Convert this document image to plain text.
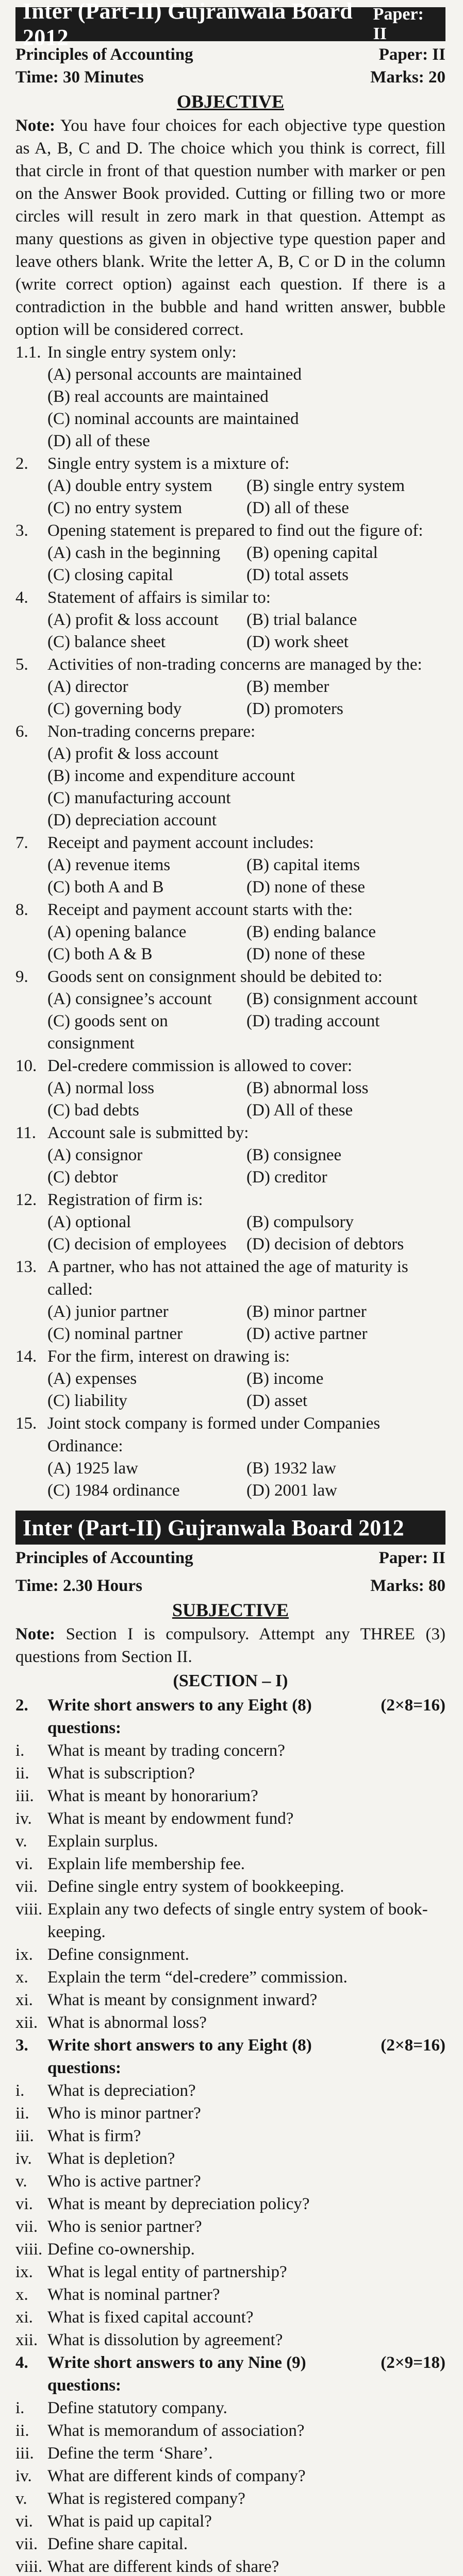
Inter (Part-II) Gujranwala Board 2012
Paper: II
Principles of Accounting	Paper: II
Time: 30 Minutes	Marks: 20
OBJECTIVE
Note: You have four choices for each objective type question as A, B, C and D. The choice which you think is correct, fill that circle in front of that question number with marker or pen on the Answer Book provided. Cutting or filling two or more circles will result in zero mark in that question. Attempt as many questions as given in objective type question paper and leave others blank. Write the letter A, B, C or D in the column (write correct option) against each question. If there is a contradiction in the bubble and hand written answer, bubble option will be considered correct.
1.1. In single entry system only:
(A) personal accounts are maintained
(B) real accounts are maintained
(C) nominal accounts are maintained
(D) all of these
2.	Single entry system is a mixture of:
(A) double entry system	(B) single entry system
(C) no entry system	(D) all of these
3.	Opening statement is prepared to find out the figure of:
(A) cash in the beginning	(B) opening capital
(C) closing capital	(D) total assets
4.	Statement of affairs is similar to:
(A) profit & loss account	(B) trial balance
(C) balance sheet	(D) work sheet
5.	Activities of non-trading concerns are managed by the:
(A) director	(B) member
(C) governing body	(D) promoters
6.	Non-trading concerns prepare:
(A) profit & loss account
(B) income and expenditure account
(C) manufacturing account
(D) depreciation account
7.	Receipt and payment account includes:
(A) revenue items	(B) capital items
(C) both A and B	(D) none of these
8.	Receipt and payment account starts with the:
(A) opening balance	(B) ending balance
(C) both A & B	(D) none of these
9.	Goods sent on consignment should be debited to:
(A) consignee’s account	(B) consignment account
(C) goods sent on consignment
(D) trading account
10. Del-credere commission is allowed to cover:
(A) normal loss	(B) abnormal loss
(C) bad debts	(D) All of these
11. Account sale is submitted by:
(A) consignor	(B) consignee
(C) debtor	(D) creditor
12. Registration of firm is:
(A) optional	(B) compulsory
(C) decision of employees	(D) decision of debtors
13. A partner, who has not attained the age of maturity is called:
(A) junior partner	(B) minor partner
(C) nominal partner	(D) active partner
14. For the firm, interest on drawing is:
(A) expenses	(B) income
(C) liability	(D) asset
15. Joint stock company is formed under Companies Ordinance:
(A) 1925 law	(B) 1932 law
(C) 1984 ordinance	(D) 2001 law
Inter (Part-II) Gujranwala Board 2012
Principles of Accounting	Paper: II
Time: 2.30 Hours	Marks: 80
SUBJECTIVE
Note: Section I is compulsory. Attempt any THREE (3) questions from Section II.
(SECTION – I)
2.	Write short answers to any Eight (8) questions:
(2×8=16)
i.	What is meant by trading concern?
ii.	What is subscription?
iii. What is meant by honorarium?
iv. What is meant by endowment fund?
v.	Explain surplus.
vi. Explain life membership fee.
vii. Define single entry system of bookkeeping.
viii. Explain any two defects of single entry system of book-keeping.
ix. Define consignment.
x.	Explain the term “del-credere” commission.
xi. What is meant by consignment inward?
xii. What is abnormal loss?
3.	Write short answers to any Eight (8) questions:
(2×8=16)
i.	What is depreciation?
ii.	Who is minor partner?
iii. What is firm?
iv. What is depletion?
v.	Who is active partner?
vi. What is meant by depreciation policy?
vii. Who is senior partner?
viii. Define co-ownership.
ix. What is legal entity of partnership?
x.	What is nominal partner?
xi. What is fixed capital account?
xii. What is dissolution by agreement?
4.	Write short answers to any Nine (9) questions:
(2×9=18)
i.	Define statutory company.
ii.	What is memorandum of association?
iii. Define the term ‘Share’.
iv. What are different kinds of company?
v.	What is registered company?
vi. What is paid up capital?
vii. Define share capital.
viii. What are different kinds of share?
